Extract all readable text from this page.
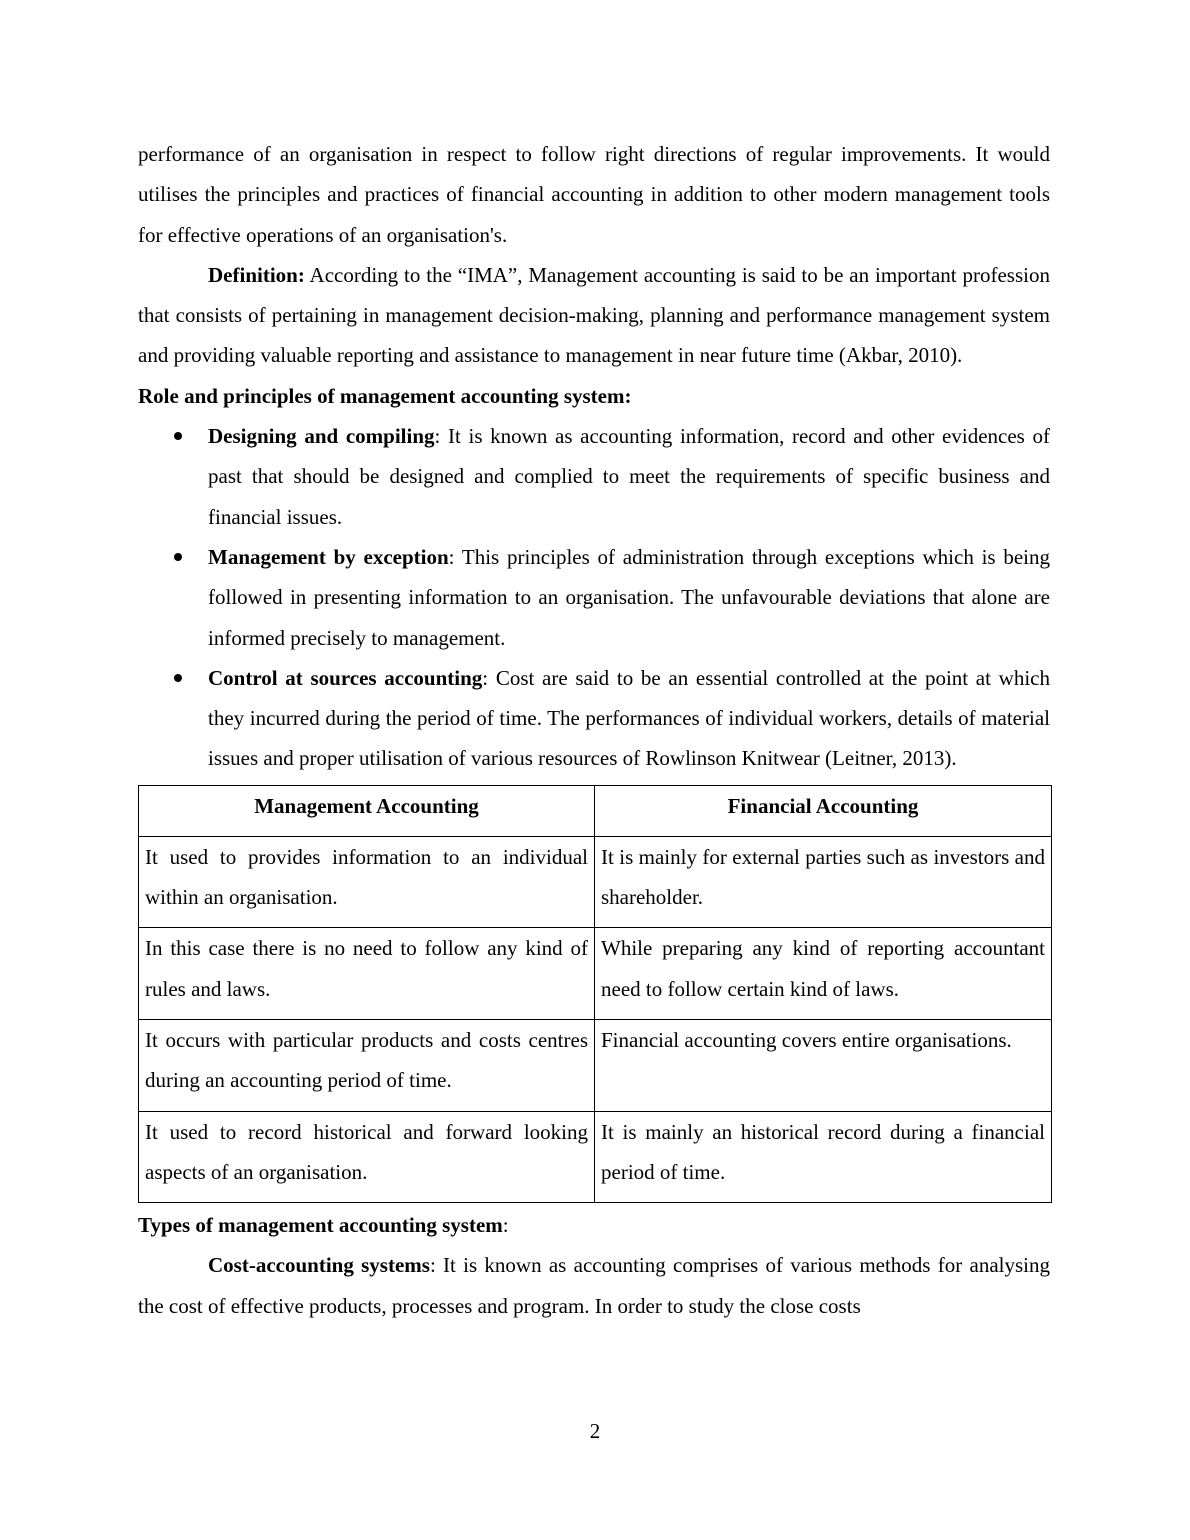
performance of an organisation in respect to follow right directions of regular improvements. It would utilises the principles and practices of financial accounting in addition to other modern management tools for effective operations of an organisation's.

Definition: According to the “IMA”, Management accounting is said to be an important profession that consists of pertaining in management decision-making, planning and performance management system and providing valuable reporting and assistance to management in near future time (Akbar, 2010).

Role and principles of management accounting system:

Designing and compiling: It is known as accounting information, record and other evidences of past that should be designed and complied to meet the requirements of specific business and financial issues.
Management by exception: This principles of administration through exceptions which is being followed in presenting information to an organisation. The unfavourable deviations that alone are informed precisely to management.
Control at sources accounting: Cost are said to be an essential controlled at the point at which they incurred during the period of time. The performances of individual workers, details of material issues and proper utilisation of various resources of Rowlinson Knitwear (Leitner, 2013).
Management Accounting	Financial Accounting
It used to provides information to an individual within an organisation.	It is mainly for external parties such as investors and shareholder.
In this case there is no need to follow any kind of rules and laws.	While preparing any kind of reporting accountant need to follow certain kind of laws.
It occurs with particular products and costs centres during an accounting period of time.	Financial accounting covers entire organisations.
It used to record historical and forward looking aspects of an organisation.	It is mainly an historical record during a financial period of time.

Types of management accounting system:

Cost-accounting systems: It is known as accounting comprises of various methods for analysing the cost of effective products, processes and program. In order to study the close costs

2
